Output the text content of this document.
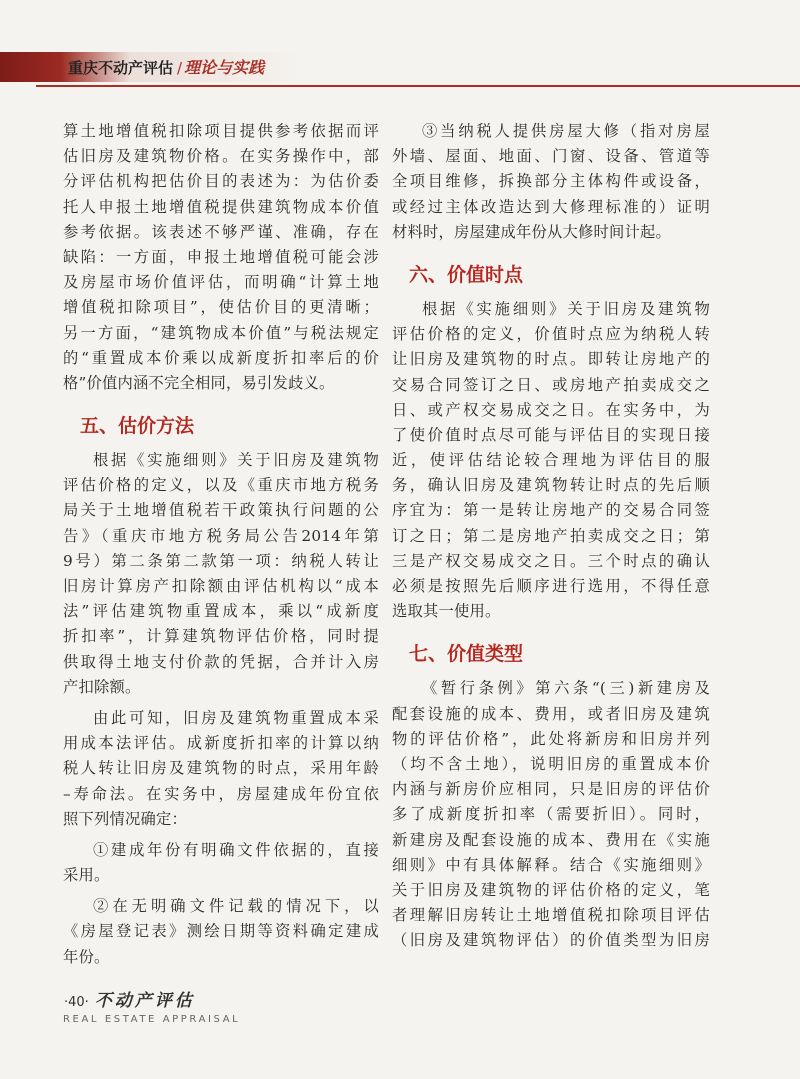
重庆不动产评估 / 理论与实践
算土地增值税扣除项目提供参考依据而评
估旧房及建筑物价格。在实务操作中，部
分评估机构把估价目的表述为：为估价委
托人申报土地增值税提供建筑物成本价值
参考依据。该表述不够严谨、准确，存在
缺陷：一方面，申报土地增值税可能会涉
及房屋市场价值评估，而明确“计算土地
增值税扣除项目”，使估价目的更清晰；
另一方面，“建筑物成本价值”与税法规定
的“重置成本价乘以成新度折扣率后的价
格”价值内涵不完全相同，易引发歧义。
五、估价方法
根据《实施细则》关于旧房及建筑物
评估价格的定义，以及《重庆市地方税务
局关于土地增值税若干政策执行问题的公
告》（重庆市地方税务局公告2014年第
9号）第二条第二款第一项：纳税人转让
旧房计算房产扣除额由评估机构以“成本
法”评估建筑物重置成本，乘以“成新度
折扣率”，计算建筑物评估价格，同时提
供取得土地支付价款的凭据，合并计入房
产扣除额。
由此可知，旧房及建筑物重置成本采
用成本法评估。成新度折扣率的计算以纳
税人转让旧房及建筑物的时点，采用年龄
–寿命法。在实务中，房屋建成年份宜依
照下列情况确定：
①建成年份有明确文件依据的，直接
采用。
②在无明确文件记载的情况下，以
《房屋登记表》测绘日期等资料确定建成
年份。
③当纳税人提供房屋大修（指对房屋
外墙、屋面、地面、门窗、设备、管道等
全项目维修，拆换部分主体构件或设备，
或经过主体改造达到大修理标准的）证明
材料时，房屋建成年份从大修时间计起。
六、价值时点
根据《实施细则》关于旧房及建筑物
评估价格的定义，价值时点应为纳税人转
让旧房及建筑物的时点。即转让房地产的
交易合同签订之日、或房地产拍卖成交之
日、或产权交易成交之日。在实务中，为
了使价值时点尽可能与评估目的实现日接
近，使评估结论较合理地为评估目的服
务，确认旧房及建筑物转让时点的先后顺
序宜为：第一是转让房地产的交易合同签
订之日；第二是房地产拍卖成交之日；第
三是产权交易成交之日。三个时点的确认
必须是按照先后顺序进行选用，不得任意
选取其一使用。
七、价值类型
《暂行条例》第六条“(三)新建房及
配套设施的成本、费用，或者旧房及建筑
物的评估价格”，此处将新房和旧房并列
（均不含土地），说明旧房的重置成本价
内涵与新房价应相同，只是旧房的评估价
多了成新度折扣率（需要折旧）。同时，
新建房及配套设施的成本、费用在《实施
细则》中有具体解释。结合《实施细则》
关于旧房及建筑物的评估价格的定义，笔
者理解旧房转让土地增值税扣除项目评估
（旧房及建筑物评估）的价值类型为旧房
·40· 不动产评估
REAL ESTATE APPRAISAL
